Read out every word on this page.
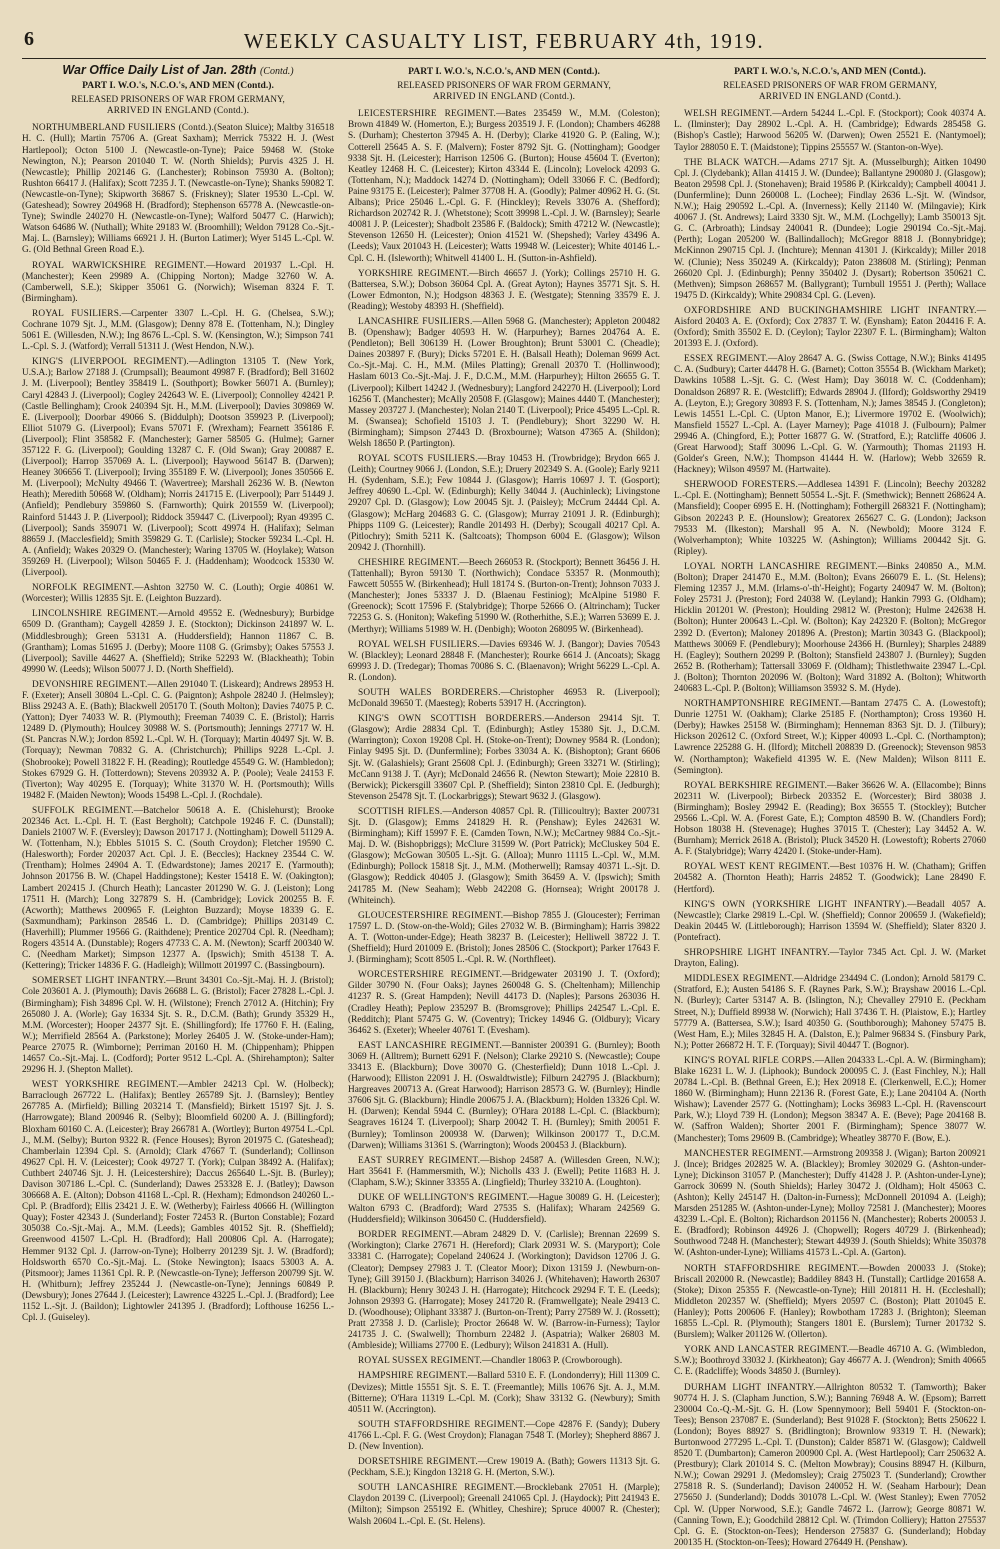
6	WEEKLY CASUALTY LIST, FEBRUARY 4th, 1919.
War Office Daily List of Jan. 28th (Contd.)
PART I. W.O.'s, N.C.O.'s, AND MEN (Contd.).
RELEASED PRISONERS OF WAR FROM GERMANY,
ARRIVED IN ENGLAND (Contd.).

NORTHUMBERLAND FUSILIERS (Contd.).(Seaton Sluice); Maltby 316518 H. C. (Hull); Martin 75706 A. (Great Saxham); Merrick 75322 H. J. (West Hartlepool); Octon 5100 J. (Newcastle-on-Tyne); Paice 59468 W. (Stoke Newington, N.); Pearson 201040 T. W. (North Shields); Purvis 4325 J. H. (Newcastle); Phillip 202146 G. (Lanchester); Robinson 75930 A. (Bolton); Rushton 66417 J. (Halifax); Scott 7235 J. T. (Newcastle-on-Tyne); Shanks 59082 T. (Newcastle-on-Tyne); Skipworth 36867 S. (Friskney); Slater 19530 L.-Cpl. W. (Gateshead); Sowrey 204968 H. (Bradford); Stephenson 65778 A. (Newcastle-on-Tyne); Swindle 240270 H. (Newcastle-on-Tyne); Walford 50477 C. (Harwich); Watson 64686 W. (Nuthall); White 29183 W. (Broomhill); Weldon 79128 Co.-Sjt.-Maj. L. (Barnsley); Williams 66921 J. H. (Burton Latimer); Wyer 5145 L.-Cpl. W. G. (Old Bethnal Green Road E.).

ROYAL WARWICKSHIRE REGIMENT.—Howard 201937 L.-Cpl. H. (Manchester); Keen 29989 A. (Chipping Norton); Madge 32760 W. A. (Camberwell, S.E.); Skipper 35061 G. (Norwich); Wiseman 8324 F. T. (Birmingham).

ROYAL FUSILIERS.—Carpenter 3307 L.-Cpl. H. G. (Chelsea, S.W.); Cochrane 1079 Sjt. J., M.M. (Glasgow); Denny 878 E. (Tottenham, N.); Dingley 5061 E. (Willesden, N.W.); Ing 8676 L.-Cpl. S. W. (Kensington, W.); Simpson 741 L.-Cpl. S. J. (Watford); Verrall 51311 J. (West Hendon, N.W.).

KING'S (LIVERPOOL REGIMENT).—Adlington 13105 T. (New York, U.S.A.); Barlow 27188 J. (Crumpsall); Beaumont 49987 F. (Bradford); Bell 31602 J. M. (Liverpool); Bentley 358419 L. (Southport); Bowker 56071 A. (Burnley); Caryl 42843 J. (Liverpool); Cogley 242643 W. E. (Liverpool); Connolley 42421 P. (Castle Bellingham); Crook 240394 Sjt. H., M.M. (Liverpool); Davies 309869 W. E. (Liverpool); Doorbar 49066 S. (Biddulph); Dootson 359923 P. (Liverpool); Elliot 51079 G. (Liverpool); Evans 57071 F. (Wrexham); Fearnett 356186 F. (Liverpool); Flint 358582 F. (Manchester); Garner 58505 G. (Hulme); Garner 357122 F. G. (Liverpool); Goulding 13287 C. F. (Old Swan); Gray 200887 E. (Liverpool); Harrop 357069 A. L. (Liverpool); Haywood 56147 B. (Darwen); Heaney 306656 T. (Liverpool); Irving 355189 F. W. (Liverpool); Jones 350566 E. M. (Liverpool); McNulty 49466 T. (Wavertree); Marshall 26236 W. B. (Newton Heath); Meredith 50668 W. (Oldham); Norris 241715 E. (Liverpool); Parr 51449 J. (Anfield); Pendlebury 359860 S. (Farnworth); Quirk 201559 W. (Liverpool); Rainford 51443 J. P. (Liverpool); Riddock 359447 C. (Liverpool); Ryan 49395 C. (Liverpool); Sands 359071 W. (Liverpool); Scott 49974 H. (Halifax); Selman 88659 J. (Macclesfield); Smith 359829 G. T. (Carlisle); Stocker 59234 L.-Cpl. H. A. (Anfield); Wakes 20329 O. (Manchester); Waring 13705 W. (Hoylake); Watson 359269 H. (Liverpool); Wilson 50465 F. J. (Haddenham); Woodcock 15330 W. (Liverpool).

NORFOLK REGIMENT.—Ashton 32750 W. C. (Louth); Orgie 40861 W. (Worcester); Willis 12835 Sjt. E. (Leighton Buzzard).

LINCOLNSHIRE REGIMENT.—Arnold 49552 E. (Wednesbury); Burbidge 6509 D. (Grantham); Caygell 42859 J. E. (Stockton); Dickinson 241897 W. L. (Middlesbrough); Green 53131 A. (Huddersfield); Hannon 11867 C. B. (Grantham); Lomas 51695 J. (Derby); Moore 1108 G. (Grimsby); Oakes 57553 J. (Liverpool); Saville 44627 A. (Sheffield); Strike 52293 W. (Blackheath); Tobin 49990 W. (Leeds); Wilson 50077 J. D. (North Sheffield).

DEVONSHIRE REGIMENT.—Allen 291040 T. (Liskeard); Andrews 28953 H. F. (Exeter); Ansell 30804 L.-Cpl. C. G. (Paignton); Ashpole 28240 J. (Helmsley); Bliss 29243 A. E. (Bath); Blackwell 205170 T. (South Molton); Davies 74075 P. C. (Yatton); Dyer 74033 W. R. (Plymouth); Freeman 74039 C. E. (Bristol); Harris 12489 D. (Plymouth); Houlcey 30988 W. S. (Portsmouth); Jennings 27717 W. H. (St. Pancras N.W.); Jordon 8592 L.-Cpl. W. H. (Torquay); Martin 40497 Sjt. W. B. (Torquay); Newman 70832 G. A. (Christchurch); Phillips 9228 L.-Cpl. J. (Shobrooke); Powell 31822 F. H. (Reading); Routledge 45549 G. W. (Hambledon); Stokes 67929 G. H. (Totterdown); Stevens 203932 A. P. (Poole); Veale 24153 F. (Tiverton); Way 40295 E. (Torquay); White 31370 W. H. (Portsmouth); Wills 19482 F. (Maiden Newton); Woods 15498 L.-Cpl. J. (Rochdale).

SUFFOLK REGIMENT.—Batchelor 50618 A. E. (Chislehurst); Brooke 202346 Act. L.-Cpl. H. T. (East Bergholt); Catchpole 19246 F. C. (Dunstall); Daniels 21007 W. F. (Eversley); Dawson 201717 J. (Nottingham); Dowell 51129 A. W. (Tottenham, N.); Ebbles 51015 S. C. (South Croydon); Fletcher 19590 C. (Halesworth); Forder 202037 Act. Cpl. J. E. (Beccles); Hackney 23544 C. W. (Trentham); Holmes 24904 A. T. (Edwardstone); James 20217 E. (Yarmouth); Johnson 201756 B. W. (Chapel Haddingstone); Kester 15418 E. W. (Oakington); Lambert 202415 J. (Church Heath); Lancaster 201290 W. G. J. (Leiston); Long 17511 H. (March); Long 327879 S. H. (Cambridge); Lovick 200255 B. F. (Acworth); Matthews 200965 F. (Leighton Buzzard); Moyse 18339 G. E. (Saxmundham); Parkinson 28546 L. D. (Cambridge); Phillips 203149 C. (Haverhill); Plummer 19566 G. (Raithdene); Prentice 202704 Cpl. R. (Needham); Rogers 43514 A. (Dunstable); Rogers 47733 C. A. M. (Newton); Scarff 200340 W. C. (Needham Market); Simpson 12377 A. (Ipswich); Smith 45138 T. A. (Kettering); Tricker 14836 F. G. (Hadleigh); Willmott 201997 C. (Bassingbourn).

SOMERSET LIGHT INFANTRY.—Brunt 34301 Co.-Sjt.-Maj. H. J. (Bristol); Cole 203601 A. J. (Plymouth); Davis 26688 L. G. (Bristol); Facer 27828 L.-Cpl. J. (Birmingham); Fish 34896 Cpl. W. H. (Wilstone); French 27012 A. (Hitchin); Fry 265080 J. A. (Worle); Gay 16334 Sjt. S. R., D.C.M. (Bath); Grundy 35329 H., M.M. (Worcester); Hooper 24377 Sjt. E. (Shillingford); Ife 17760 F. H. (Ealing, W.); Merrifield 28564 A. (Parkstone); Morley 26405 J. W. (Stoke-under-Ham); Pearce 27075 R. (Wimborne); Perriman 20160 H. M. (Chippenham); Phippen 14657 Co.-Sjt.-Maj. L. (Codford); Porter 9512 L.-Cpl. A. (Shirehampton); Salter 29296 H. J. (Shepton Mallet).

WEST YORKSHIRE REGIMENT.—Ambler 24213 Cpl. W. (Holbeck); Barraclough 267722 L. (Halifax); Bentley 265789 Sjt. J. (Barnsley); Bentley 267785 A. (Mirfield); Billing 203214 T. (Mansfield); Birkett 15197 Sjt. J. S. (Harrowgate); Bland 200946 R. (Selby); Bloomfield 60200 A. J. (Billingford); Bloxham 60160 C. A. (Leicester); Bray 266781 A. (Wortley); Burton 49754 L.-Cpl. J., M.M. (Selby); Burton 9322 R. (Fence Houses); Byron 201975 C. (Gateshead); Chamberlain 12394 Cpl. S. (Arnold); Clark 47667 T. (Sunderland); Collinson 49627 Cpl. H. V. (Leicester); Cook 49727 T. (York); Culpan 38492 A. (Halifax); Cuthbert 240746 Sjt. J. H. (Leicestershire); Daccus 265640 L.-Sjt. B. (Burley); Davison 307186 L.-Cpl. C. (Sunderland); Dawes 253328 E. J. (Batley); Dawson 306668 A. E. (Alton); Dobson 41168 L.-Cpl. R. (Hexham); Edmondson 240260 L.-Cpl. P. (Bradford); Ellis 23421 J. E. W. (Wetherby); Fairless 40666 H. (Willington Quay); Foster 42343 J. (Sunderland); Foster 72453 R. (Burton Constable); Fozard 305038 Co.-Sjt.-Maj. A., M.M. (Leeds); Gambles 40152 Sjt. R. (Sheffield); Greenwood 41507 L.-Cpl. H. (Bradford); Hall 200806 Cpl. A. (Harrogate); Hemmer 9132 Cpl. J. (Jarrow-on-Tyne); Holberry 201239 Sjt. J. W. (Bradford); Holdsworth 6570 Co.-Sjt.-Maj. L. (Stoke Newington); Isaacs 53003 A. A. (Pitsmoor); James 11361 Cpl. R. P. (Newcastle-on-Tyne); Jefferson 200799 Sjt. W. H. (Whitburn); Jeffrey 235244 J. (Newcastle-on-Tyne); Jennings 60849 P. (Dewsbury); Jones 27644 J. (Leicester); Lawrence 43225 L.-Cpl. J. (Bradford); Lee 1152 L.-Sjt. J. (Baildon); Lightowler 241395 J. (Bradford); Lofthouse 16256 L.-Cpl. J. (Guiseley).

PART I. W.O.'s, N.C.O.'s, AND MEN (Contd.).
RELEASED PRISONERS OF WAR FROM GERMANY,
ARRIVED IN ENGLAND (Contd.).

LEICESTERSHIRE REGIMENT.—Bates 235459 W., M.M. (Coleston); Brown 41849 W. (Homerton, E.); Burgess 203519 J. F. (London); Chambers 46288 S. (Durham); Chesterton 37945 A. H. (Derby); Clarke 41920 G. P. (Ealing, W.); Cotterell 25645 A. S. F. (Malvern); Foster 8792 Sjt. G. (Nottingham); Goodger 9338 Sjt. H. (Leicester); Harrison 12506 G. (Burton); House 45604 T. (Everton); Keatley 12468 H. C. (Leicester); Kirton 43344 E. (Lincoln); Lovelock 42093 G. (Tottenham, N.); Maddock 14274 D. (Nottingham); Odell 33066 F. C. (Bedford); Paine 93175 E. (Leicester); Palmer 37708 H. A. (Goodly); Palmer 40962 H. G. (St. Albans); Price 25046 L.-Cpl. G. F. (Hinckley); Revels 33076 A. (Shefford); Richardson 202742 R. J. (Whetstone); Scott 39998 L.-Cpl. J. W. (Barnsley); Searle 40081 J. P. (Leicester); Shadbolt 23586 F. (Baldock); Smith 47212 W. (Newcastle); Stevenson 12650 H. (Leicester); Onion 41521 W. (Shepshed); Varley 43496 A. (Leeds); Vaux 201043 H. (Leicester); Watts 19948 W. (Leicester); White 40146 L.-Cpl. C. H. (Isleworth); Whitwell 41400 L. H. (Sutton-in-Ashfield).

YORKSHIRE REGIMENT.—Birch 46657 J. (York); Collings 25710 H. G. (Battersea, S.W.); Dobson 36064 Cpl. A. (Great Ayton); Haynes 35771 Sjt. S. H. (Lower Edmonton, N.); Hodgson 48363 J. E. (Westgate); Stenning 33579 E. J. (Reading); Westoby 48393 H. (Sheffield).

LANCASHIRE FUSILIERS.—Allen 5968 G. (Manchester); Appleton 200482 B. (Openshaw); Badger 40593 H. W. (Harpurhey); Barnes 204764 A. E. (Pendleton); Bell 306139 H. (Lower Broughton); Brunt 53001 C. (Cheadle); Daines 203897 F. (Bury); Dicks 57201 E. H. (Balsall Heath); Doleman 9699 Act. Co.-Sjt.-Maj. C. H., M.M. (Miles Platting); Grenall 20370 T. (Hollinwood); Haslam 6013 Co.-Sjt.-Maj. J. F., D.C.M., M.M. (Harpurhey); Hilton 26655 G. T. (Liverpool); Kilbert 14242 J. (Wednesbury); Langford 242270 H. (Liverpool); Lord 16256 T. (Manchester); McAlly 20508 F. (Glasgow); Maines 4440 T. (Manchester); Massey 203727 J. (Manchester); Nolan 2140 T. (Liverpool); Price 45495 L.-Cpl. R. M. (Swansea); Schofield 15103 J. T. (Pendlebury); Short 32290 W. H. (Birmingham); Simpson 27443 D. (Broxbourne); Watson 47365 A. (Shildon); Welsh 18650 P. (Partington).

ROYAL SCOTS FUSILIERS.—Bray 10453 H. (Trowbridge); Brydon 665 J. (Leith); Courtney 9066 J. (London, S.E.); Druery 202349 S. A. (Goole); Early 9211 H. (Sydenham, S.E.); Few 10844 J. (Glasgow); Harris 10697 J. T. (Gosport); Jeffrey 40690 L.-Cpl. W. (Edinburgh); Kelly 34044 J. (Auchinleck); Livingstone 29207 Cpl. D. (Glasgow); Low 20045 Sjt. J. (Paisley); McCrum 24444 Cpl. A. (Glasgow); McHarg 204683 G. C. (Glasgow); Murray 21091 J. R. (Edinburgh); Phipps 1109 G. (Leicester); Randle 201493 H. (Derby); Scougall 40217 Cpl. A. (Pitlochry); Smith 5211 K. (Saltcoats); Thompson 6004 E. (Glasgow); Wilson 20942 J. (Thornhill).

CHESHIRE REGIMENT.—Beech 266053 R. (Stockport); Bennett 36456 J. H. (Tattenhall); Byron 59130 T. (Northwich); Condace 53357 R. (Monmouth); Fawcett 50555 W. (Birkenhead); Hull 18174 S. (Burton-on-Trent); Johnson 7033 J. (Manchester); Jones 53337 J. D. (Blaenau Festiniog); McAlpine 51980 F. (Greenock); Scott 17596 F. (Stalybridge); Thorpe 52666 O. (Altrincham); Tucker 72253 G. S. (Honiton); Wakefing 51990 W. (Rotherhithe, S.E.); Warren 53699 E. J. (Merthyr); Williams 51989 W. H. (Denbigh); Wooton 268095 W. (Birkenhead).

ROYAL WELSH FUSILIERS.—Davies 69346 W. J. (Bangor); Davies 70543 W. (Blackley); Leonard 28848 F. (Manchester); Rourke 6614 J. (Ancoats); Skagg 69993 J. D. (Tredegar); Thomas 70086 S. C. (Blaenavon); Wright 56229 L.-Cpl. A. R. (London).

SOUTH WALES BORDERERS.—Christopher 46953 R. (Liverpool); McDonald 39650 T. (Maesteg); Roberts 53917 H. (Accrington).

KING'S OWN SCOTTISH BORDERERS.—Anderson 29414 Sjt. T. (Glasgow); Ardie 28834 Cpl. T. (Edinburgh); Astley 15380 Sjt. J., D.C.M. (Warrington); Coxon 19208 Cpl. H. (Stoke-on-Trent); Downey 9584 R. (London); Finlay 9495 Sjt. D. (Dunfermline); Forbes 33034 A. K. (Bishopton); Grant 6606 Sjt. W. (Galashiels); Grant 25608 Cpl. J. (Edinburgh); Green 33271 W. (Stirling); McCann 9138 J. T. (Ayr); McDonald 24656 R. (Newton Stewart); Moie 22810 B. (Berwick); Pickersgill 33607 Cpl. P. (Sheffield); Sinton 23810 Cpl. E. (Jedburgh); Stevenson 25478 Sjt. T. (Lockarbriggs); Stewart 9632 J. (Glasgow).

SCOTTISH RIFLES.—Anderson 40857 Cpl. R. (Tillicoultry); Baxter 200731 Sjt. D. (Glasgow); Emms 241829 H. R. (Penshaw); Eyles 242631 W. (Birmingham); Kiff 15997 F. E. (Camden Town, N.W.); McCartney 9884 Co.-Sjt.-Maj. D. W. (Bishopbriggs); McClure 31599 W. (Port Patrick); McCluskey 504 E. (Glasgow); McGowan 30505 L.-Sjt. G. (Alloa); Munro 11115 L.-Cpl. W., M.M. (Edinburgh); Pollock 15818 Sjt. J., M.M. (Motherwell); Ramsay 40371 L.-Sjt. D. (Glasgow); Reddick 40405 J. (Glasgow); Smith 36459 A. V. (Ipswich); Smith 241785 M. (New Seaham); Webb 242208 G. (Hornsea); Wright 200178 J. (Whiteinch).

GLOUCESTERSHIRE REGIMENT.—Bishop 7855 J. (Gloucester); Ferriman 17597 L. D. (Stow-on-the-Wold); Giles 27032 W. B. (Birmingham); Harris 39822 A. T. (Wotton-under-Edge); Heath 38237 B. (Leicester); Helliwell 38722 J. T. (Sheffield); Hurd 201009 E. (Bristol); Jones 28506 C. (Stockport); Parker 17643 F. J. (Birmingham); Scott 8505 L.-Cpl. R. W. (Northfleet).

WORCESTERSHIRE REGIMENT.—Bridgewater 203190 J. T. (Oxford); Gilder 30790 N. (Four Oaks); Jaynes 260048 G. S. (Cheltenham); Millenchip 41237 R. S. (Great Hampden); Nevill 44173 D. (Naples); Parsons 263036 H. (Cradley Heath); Peplow 235297 B. (Bromsgrove); Phillips 242547 L.-Cpl. E. (Redditch); Plant 57475 G. W. (Coventry); Trickey 14946 G. (Oldbury); Vicary 36462 S. (Exeter); Wheeler 40761 T. (Evesham).

EAST LANCASHIRE REGIMENT.—Bannister 200391 G. (Burnley); Booth 3069 H. (Alltrem); Burnett 6291 F. (Nelson); Clarke 29210 S. (Newcastle); Coupe 33413 E. (Blackburn); Dove 30070 G. (Chesterfield); Dunn 1018 L.-Cpl. J. (Harwood); Elliston 22091 J. H. (Oswaldtwistle); Filburn 242795 J. (Blackburn); Hargreaves 200713 A. (Great Harwood); Harrison 28573 G. W. (Burnley); Hindle 37606 Sjt. G. (Blackburn); Hindle 200675 J. A. (Blackburn); Holden 13326 Cpl. W. H. (Darwen); Kendal 5944 C. (Burnley); O'Hara 20188 L.-Cpl. C. (Blackburn); Seagraves 16124 T. (Liverpool); Sharp 20042 T. H. (Burnley); Smith 20051 F. (Burnley); Tomlinson 200938 W. (Darwen); Wilkinson 200177 T., D.C.M. (Darwen); Williams 31361 S. (Warrington); Woods 200453 J. (Blackburn).

EAST SURREY REGIMENT.—Bishop 24587 A. (Willesden Green, N.W.); Hart 35641 F. (Hammersmith, W.); Nicholls 433 J. (Ewell); Petite 11683 H. J. (Clapham, S.W.); Skinner 33355 A. (Lingfield); Thurley 33210 A. (Loughton).

DUKE OF WELLINGTON'S REGIMENT.—Hague 30089 G. H. (Leicester); Walton 6793 C. (Bradford); Ward 27535 S. (Halifax); Wharam 242569 G. (Huddersfield); Wilkinson 306450 C. (Huddersfield).

BORDER REGIMENT.—Abram 24829 D. V. (Carlisle); Brennan 22699 S. (Workington); Clarke 27671 H. (Hereford); Clark 20931 W. S. (Maryport); Cole 33381 C. (Harrogate); Copeland 240624 J. (Workington); Davidson 12706 J. G. (Cleator); Dempsey 27983 J. T. (Cleator Moor); Dixon 13159 J. (Newburn-on-Tyne); Gill 39150 J. (Blackburn); Harrison 34026 J. (Whitehaven); Haworth 26307 H. (Blackburn); Henry 30243 J. H. (Harrogate); Hitchcock 29294 F. T. E. (Leeds); Johnson 29393 G. (Harrogate); Mosey 241720 R. (Framwellgate); Neale 29413 C. D. (Woodhouse); Oliphant 33387 J. (Burton-on-Trent); Parry 27589 W. J. (Rossett); Pratt 27358 J. D. (Carlisle); Proctor 26648 W. W. (Barrow-in-Furness); Taylor 241735 J. C. (Swalwell); Thornburn 22482 J. (Aspatria); Walker 26803 M. (Ambleside); Williams 27700 E. (Ledbury); Wilson 241831 A. (Hull).

ROYAL SUSSEX REGIMENT.—Chandler 18063 P. (Crowborough).

HAMPSHIRE REGIMENT.—Ballard 5310 E. F. (Londonderry); Hill 11309 C. (Devizes); Mittle 15551 Sjt. S. E. T. (Freemantle); Mills 10676 Sjt. A. J., M.M. (Bitterne); O'Hara 11319 L.-Cpl. M. (Cork); Shaw 33132 G. (Newbury); Smith 40511 W. (Accrington).

SOUTH STAFFORDSHIRE REGIMENT.—Cope 42876 F. (Sandy); Dubery 41766 L.-Cpl. F. G. (West Croydon); Flanagan 7548 T. (Morley); Shepherd 8867 J. D. (New Invention).

DORSETSHIRE REGIMENT.—Crew 19019 A. (Bath); Gowers 11313 Sjt. G. (Peckham, S.E.); Kingdon 13218 G. H. (Merton, S.W.).

SOUTH LANCASHIRE REGIMENT.—Brocklebank 27051 H. (Marple); Claydon 20139 C. (Liverpool); Greenall 241065 Cpl. J. (Haydock); Pitt 241943 E. (Milton); Simpson 255192 E. (Whitley, Cheshire); Spruce 40007 R. (Chester); Walsh 20604 L.-Cpl. E. (St. Helens).

PART I. W.O.'s, N.C.O.'s, AND MEN (Contd.).
RELEASED PRISONERS OF WAR FROM GERMANY,
ARRIVED IN ENGLAND (Contd.).

WELSH REGIMENT.—Ardern 54244 L.-Cpl. F. (Stockport); Cook 40374 A. L. (Ilminster); Day 28902 L.-Cpl. A. H. (Cambridge); Edwards 285458 G. (Bishop's Castle); Harwood 56205 W. (Darwen); Owen 25521 E. (Nantymoel); Taylor 288050 E. T. (Maidstone); Tippins 255557 W. (Stanton-on-Wye).

THE BLACK WATCH.—Adams 2717 Sjt. A. (Musselburgh); Aitken 10490 Cpl. J. (Clydebank); Allan 41415 J. W. (Dundee); Ballantyne 290080 J. (Glasgow); Beaton 29598 Cpl. J. (Stonehaven); Braid 19586 P. (Kirkcaldy); Campbell 40041 J. (Dunfermline); Dunn 260008 L. (Lochee); Findlay 2636 L.-Sjt. W. (Windsor, N.W.); Haig 290592 L.-Cpl. A. (Inverness); Kelly 21140 W. (Milngavie); Kirk 40067 J. (St. Andrews); Laird 3330 Sjt. W., M.M. (Lochgelly); Lamb 350013 Sjt. G. C. (Arbroath); Lindsay 240041 R. (Dundee); Logie 290194 Co.-Sjt.-Maj. (Perth); Logan 205200 W. (Ballindalloch); McGregor 8818 J. (Bonnybridge); McKinnon 290715 Cpl. J. (Inchture); Mennan 41301 J. (Kirkcaldy); Miller 2018 W. (Clunie); Ness 350249 A. (Kirkcaldy); Paton 238608 M. (Stirling); Penman 266020 Cpl. J. (Edinburgh); Penny 350402 J. (Dysart); Robertson 350621 C. (Methven); Simpson 268657 M. (Ballygrant); Turnbull 19551 J. (Perth); Wallace 19475 D. (Kirkcaldy); White 290834 Cpl. G. (Leven).

OXFORDSHIRE AND BUCKINGHAMSHIRE LIGHT INFANTRY.—Aisford 20403 A. E. (Oxford); Cox 27837 T. W. (Eynsham); Eaton 204416 F. A. (Oxford); Smith 35502 E. D. (Ceylon); Taylor 22307 F. L. (Birmingham); Walton 201393 E. J. (Oxford).

ESSEX REGIMENT.—Aloy 28647 A. G. (Swiss Cottage, N.W.); Binks 41495 C. A. (Sudbury); Carter 44478 H. G. (Barnet); Cotton 35554 B. (Wickham Market); Dawkins 10588 L.-Sjt. G. C. (West Ham); Day 36018 W. C. (Coddenham); Donaldson 26897 R. E. (Westcliff); Edwards 28904 J. (Ilford); Goldsworthy 29419 A. (Leyton, E.); Gregory 30893 F. S. (Tottenham, N.); James 38545 J. (Congleton); Lewis 14551 L.-Cpl. C. (Upton Manor, E.); Livermore 19702 E. (Woolwich); Mansfield 15527 L.-Cpl. A. (Layer Marney); Page 41018 J. (Fulbourn); Palmer 29946 A. (Chingford, E.); Potter 16877 G. W. (Stratford, E.); Ratcliffe 40606 J. (Great Harwood); Staff 30096 L.-Cpl. G. W. (Yarmouth); Thomas 21193 H. (Golder's Green, N.W.); Thompson 41444 H. W. (Harlow); Webb 32659 R. (Hackney); Wilson 49597 M. (Hartwaite).

SHERWOOD FORESTERS.—Addlesea 14391 F. (Lincoln); Beechy 203282 L.-Cpl. E. (Nottingham); Bennett 50554 L.-Sjt. F. (Smethwick); Bennett 268624 A. (Mansfield); Cooper 6995 E. H. (Nottingham); Fothergill 268321 F. (Nottingham); Gibson 202243 P. E. (Hounslow); Greatorex 265627 C. G. (London); Jackson 79533 M. (Ilkeston); Marshall 95 A. N. (Newbold); Moore 3124 F. (Wolverhampton); White 103225 W. (Ashington); Williams 200442 Sjt. G. (Ripley).

LOYAL NORTH LANCASHIRE REGIMENT.—Binks 240850 A., M.M. (Bolton); Draper 241470 E., M.M. (Bolton); Evans 266079 E. L. (St. Helens); Fleming 12357 J., M.M. (Irlams-o'-th'-Height); Fogarty 240947 W. M. (Bolton); Foley 25731 J. (Preston); Ford 24038 W. (Leyland); Hankin 7993 G. (Oldham); Hicklin 201201 W. (Preston); Houlding 29812 W. (Preston); Hulme 242638 H. (Bolton); Hunter 200643 L.-Cpl. W. (Bolton); Kay 242320 F. (Bolton); McGregor 2392 D. (Everton); Maloney 201896 A. (Preston); Martin 30343 G. (Blackpool); Matthews 30069 F. (Pendlebury); Moorhouse 24366 H. (Burnley); Sharples 24889 H. (Eagley); Southern 20299 P. (Bolton); Stansfield 243807 J. (Burnley); Sugden 2652 B. (Rotherham); Tattersall 33069 F. (Oldham); Thistlethwaite 23947 L.-Cpl. J. (Bolton); Thornton 202096 W. (Bolton); Ward 31892 A. (Bolton); Whitworth 240683 L.-Cpl. P. (Bolton); Williamson 35932 S. M. (Hyde).

NORTHAMPTONSHIRE REGIMENT.—Bantam 27475 C. A. (Lowestoft); Dunrie 12751 W. (Oakham); Clarke 25185 F. (Northampton); Cross 19360 H. (Derby); Hawkes 25158 W. (Birmingham); Henneman 8363 Sjt. D. J. (Tilbury); Hickson 202612 C. (Oxford Street, W.); Kipper 40093 L.-Cpl. C. (Northampton); Lawrence 225288 G. H. (Ilford); Mitchell 208839 D. (Greenock); Stevenson 9853 W. (Northampton); Wakefield 41395 W. E. (New Malden); Wilson 8111 E. (Semington).

ROYAL BERKSHIRE REGIMENT.—Baker 36626 W. A. (Ellacombe); Binns 202311 W. (Liverpool); Birbeck 203352 E. (Worcester); Bird 38038 J. (Birmingham); Bosley 29942 E. (Reading); Box 36555 T. (Stockley); Butcher 29566 L.-Cpl. W. A. (Forest Gate, E.); Compton 48590 B. W. (Chandlers Ford); Hobson 18038 H. (Stevenage); Hughes 37015 T. (Chester); Lay 34452 A. W. (Burnham); Merrick 2618 A. (Bristol); Pluck 34520 H. (Lowestoft); Roberts 27060 A. F. (Stalybridge); Warry 42420 I. (Stoke-under-Ham).

ROYAL WEST KENT REGIMENT.—Best 10376 H. W. (Chatham); Griffen 204582 A. (Thornton Heath); Harris 24852 T. (Goodwick); Lane 28490 F. (Hertford).

KING'S OWN (YORKSHIRE LIGHT INFANTRY).—Beadall 4057 A. (Newcastle); Clarke 29819 L.-Cpl. W. (Sheffield); Connor 200659 J. (Wakefield); Deakin 20445 W. (Littleborough); Harrison 13594 W. (Sheffield); Slater 8320 J. (Pontefract).

SHROPSHIRE LIGHT INFANTRY.—Taylor 7345 Act. Cpl. J. W. (Market Drayton, Ealing).

MIDDLESEX REGIMENT.—Aldridge 234494 C. (London); Arnold 58179 C. (Stratford, E.); Austen 54186 S. F. (Raynes Park, S.W.); Brayshaw 20016 L.-Cpl. N. (Burley); Carter 53147 A. B. (Islington, N.); Chevalley 27910 E. (Peckham Street, N.); Duffield 89938 W. (Norwich); Hall 37436 T. H. (Plaistow, E.); Hartley 57779 A. (Battersea, S.W.); Isard 40350 G. (Southborough); Mahoney 57475 B. (West Ham, E.); Miles 32845 H. A. (Dalston, E.); Palmer 96834 S. (Finsbury Park, N.); Potter 266872 H. T. F. (Torquay); Sivil 40447 T. (Bognor).

KING'S ROYAL RIFLE CORPS.—Allen 204333 L.-Cpl. A. W. (Birmingham); Blake 16231 L. W. J. (Liphook); Bundock 200095 C. J. (East Finchley, N.); Hall 20784 L.-Cpl. B. (Bethnal Green, E.); Hex 20918 E. (Clerkenwell, E.C.); Homer 1860 W. (Birmingham); Hunn 22136 R. (Forest Gate, E.); Lane 204104 A. (North Wishaw); Lavender 2577 G. (Nottingham); Locks 36983 L.-Cpl. H. (Ravenscourt Park, W.); Lloyd 739 H. (London); Megson 38347 A. E. (Beve); Page 204168 B. W. (Saffron Walden); Shorter 2001 F. (Birmingham); Spence 38077 W. (Manchester); Toms 29609 B. (Cambridge); Wheatley 38770 F. (Bow, E.).

MANCHESTER REGIMENT.—Armstrong 209358 J. (Wigan); Barton 200921 J. (Ince); Bridges 202825 W. A. (Blackley); Bromley 302029 G. (Ashton-under-Lyne); Dickinson 31057 P. (Manchester); Duffy 41428 J. P. (Ashton-under-Lyne); Garrock 30699 N. (South Shields); Harley 30472 J. (Oldham); Holt 45063 C. (Ashton); Kelly 245147 H. (Dalton-in-Furness); McDonnell 201094 A. (Leigh); Marsden 251285 W. (Ashton-under-Lyne); Molloy 72581 J. (Manchester); Moores 43239 L.-Cpl. E. (Bolton); Richardson 201156 N. (Manchester); Roberts 200053 J. E. (Bradford); Robinson 44926 J. (Chopwell); Rogers 40729 J. (Birkenhead); Southwood 7248 H. (Manchester); Stewart 44939 J. (South Shields); White 350378 W. (Ashton-under-Lyne); Williams 41573 L.-Cpl. A. (Garton).

NORTH STAFFORDSHIRE REGIMENT.—Bowden 200033 J. (Stoke); Briscall 202000 R. (Newcastle); Baddiley 8843 H. (Tunstall); Cartlidge 201658 A. (Stoke); Dixon 25355 F. (Newcastle-on-Tyne); Hill 201811 H. H. (Eccleshall); Middleton 202357 W. (Sheffield); Myers 20597 C. (Boston); Platt 201045 E. (Hanley); Potts 200606 F. (Hanley); Rowbotham 17283 J. (Brighton); Sleeman 16855 L.-Cpl. R. (Plymouth); Stangers 1801 E. (Burslem); Turner 201732 S. (Burslem); Walker 201126 W. (Ollerton).

YORK AND LANCASTER REGIMENT.—Beadle 46710 A. G. (Wimbledon, S.W.); Boothroyd 33032 J. (Kirkheaton); Gay 46677 A. J. (Wendron); Smith 40665 C. E. (Radcliffe); Woods 34850 J. (Burnley).

DURHAM LIGHT INFANTRY.—Allrighton 80532 T. (Tamworth); Baker 90774 H. J. S. (Clapham Junction, S.W.); Banning 76948 A. W. (Epsom); Barrett 230004 Co.-Q.-M.-Sjt. G. H. (Low Spennymoor); Bell 59401 F. (Stockton-on-Tees); Benson 237087 E. (Sunderland); Best 91028 F. (Stockton); Betts 250622 I. (London); Boyes 88927 S. (Bridlington); Brownlow 93319 T. H. (Newark); Burtonwood 277295 L.-Cpl. T. (Dunston); Calder 85871 W. (Glasgow); Caldwell 8520 T. (Dumbarton); Cameron 200900 Cpl. A. (West Hartlepool); Carr 250632 A. (Prestbury); Clark 201014 S. C. (Melton Mowbray); Cousins 88947 H. (Kilburn, N.W.); Cowan 29291 J. (Medomsley); Craig 275023 T. (Sunderland); Crowther 275818 R. S. (Sunderland); Davison 240052 H. W. (Seaham Harbour); Dean 275650 J. (Sunderland); Dodds 301078 L.-Cpl. W. (West Stanley); Ewen 77052 Cpl. W. (Upper Norwood, S.E.); Gandle 74672 L. (Jarrow); George 80871 W. (Canning Town, E.); Goodchild 28812 Cpl. W. (Trimdon Colliery); Hatton 275537 Cpl. G. E. (Stockton-on-Tees); Henderson 275837 G. (Sunderland); Hobday 200135 H. (Stockton-on-Tees); Howard 276449 H. (Penshaw).
